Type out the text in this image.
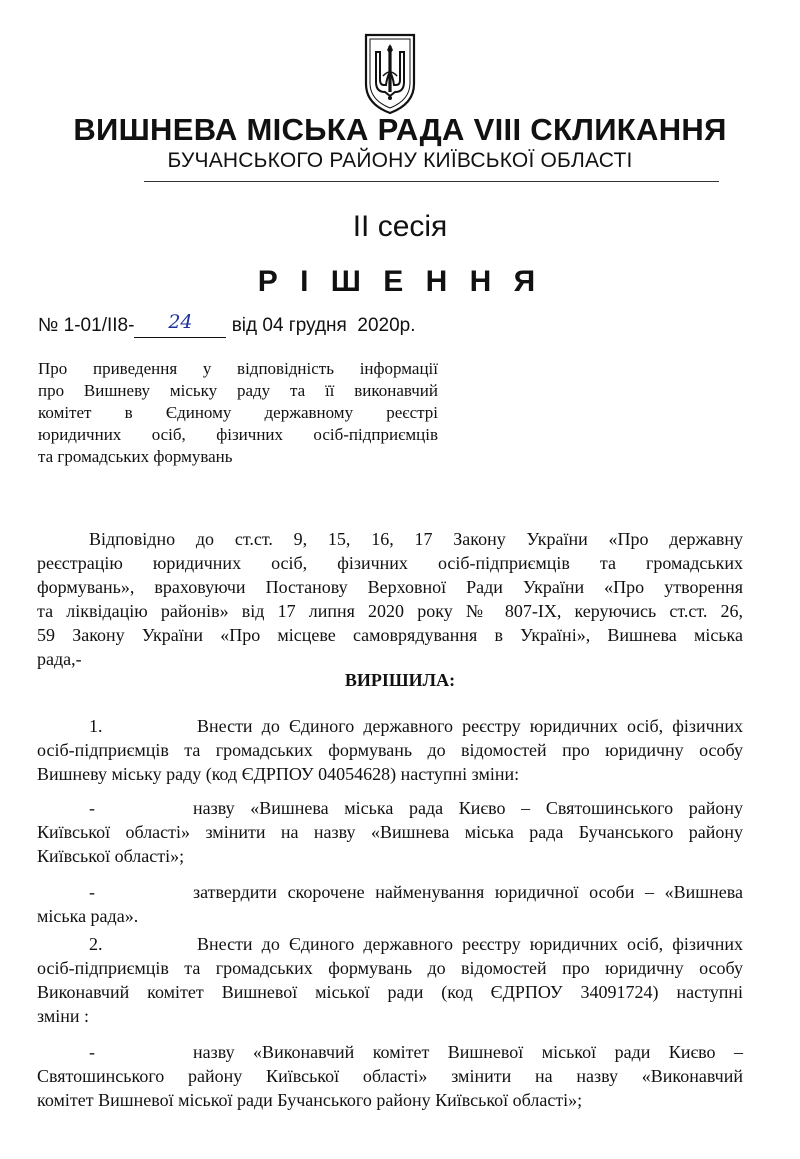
ВИШНЕВА МІСЬКА РАДА VIII СКЛИКАННЯ
БУЧАНСЬКОГО РАЙОНУ КИЇВСЬКОЇ ОБЛАСТІ
ІІ сесія
Р І Ш Е Н Н Я
№ 1-01/ІІ8- 24 від 04 грудня  2020р.
Про приведення у відповідність інформації
про Вишневу міську раду та її виконавчий
комітет в Єдиному державному реєстрі
юридичних осіб, фізичних осіб-підприємців
та громадських формувань
Відповідно до ст.ст. 9, 15, 16, 17 Закону України «Про державну
реєстрацію юридичних осіб, фізичних осіб-підприємців та громадських
формувань», враховуючи Постанову Верховної Ради України «Про утворення
та ліквідацію районів» від 17 липня 2020 року № 807-IX, керуючись ст.ст. 26,
59 Закону України «Про місцеве самоврядування в Україні», Вишнева міська
рада,-
ВИРІШИЛА:
1.	Внести до Єдиного державного реєстру юридичних осіб, фізичних
осіб-підприємців та громадських формувань до відомостей про юридичну особу
Вишневу міську раду (код ЄДРПОУ 04054628) наступні зміни:
-	назву «Вишнева міська рада Києво – Святошинського району
Київської області» змінити на назву «Вишнева міська рада Бучанського району
Київської області»;
-	затвердити скорочене найменування юридичної особи – «Вишнева
міська рада».
2.	Внести до Єдиного державного реєстру юридичних осіб, фізичних
осіб-підприємців та громадських формувань до відомостей про юридичну особу
Виконавчий комітет Вишневої міської ради (код ЄДРПОУ 34091724) наступні
зміни :
-	назву «Виконавчий комітет Вишневої міської ради Києво –
Святошинського району Київської області» змінити на назву «Виконавчий
комітет Вишневої міської ради Бучанського району Київської області»;
